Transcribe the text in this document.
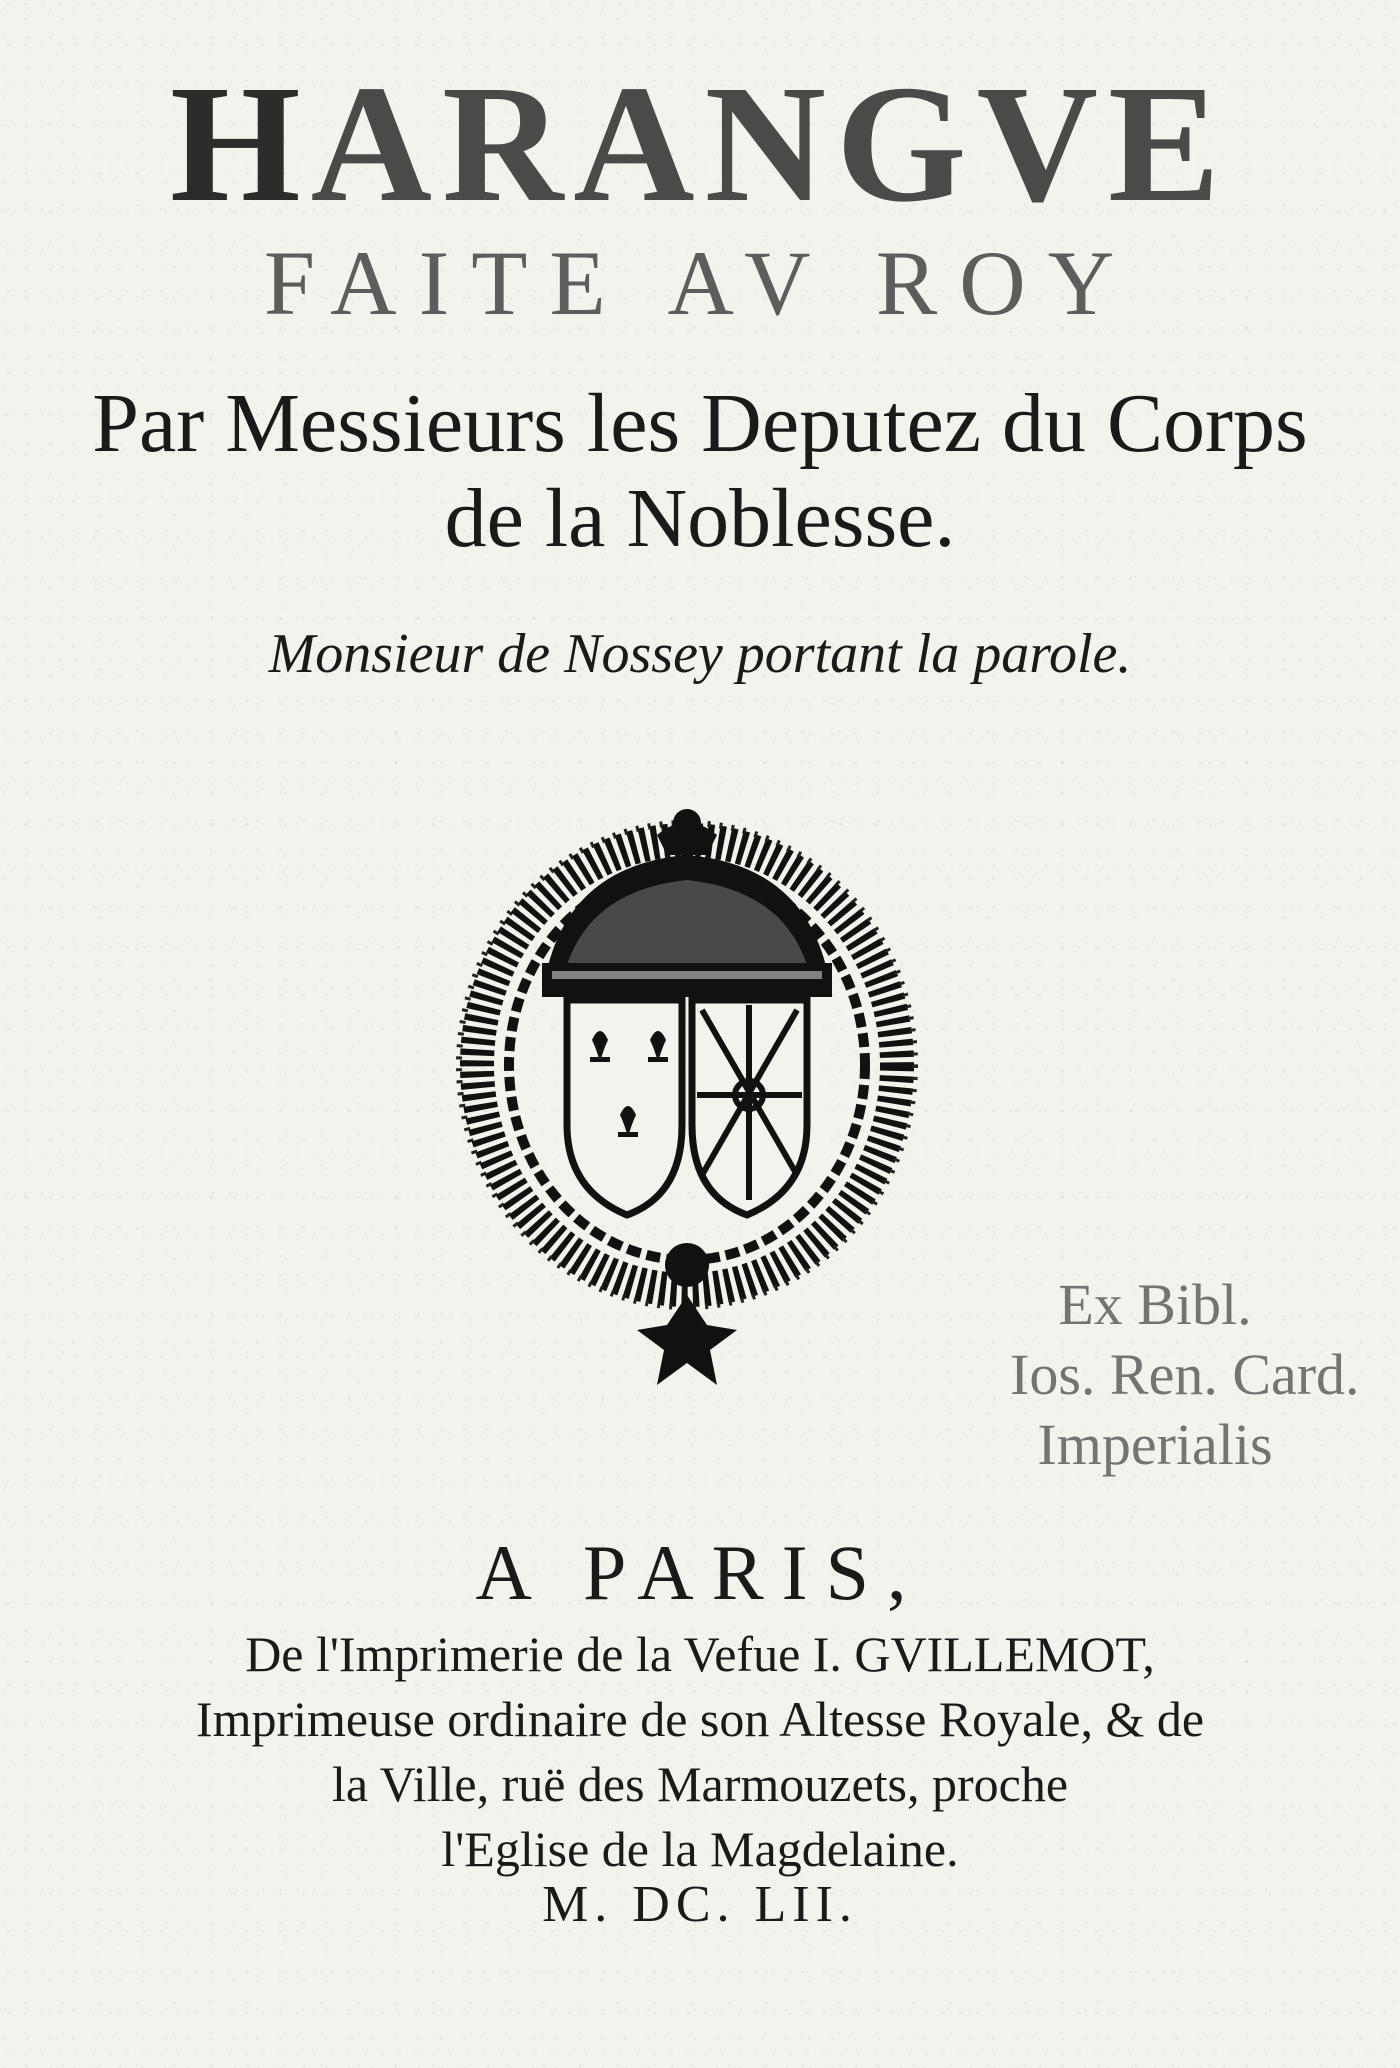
HARANGVE
FAITE AV ROY
Par Messieurs les Deputez du Corps
de la Noblesse.
Monsieur de Nossey portant la parole.
Ex Bibl.
Ios. Ren. Card.
Imperialis
A PARIS,
De l'Imprimerie de la Vefue I. GVILLEMOT,
Imprimeuse ordinaire de son Altesse Royale, & de
la Ville, ruë des Marmouzets, proche
l'Eglise de la Magdelaine.
M. DC. LII.
